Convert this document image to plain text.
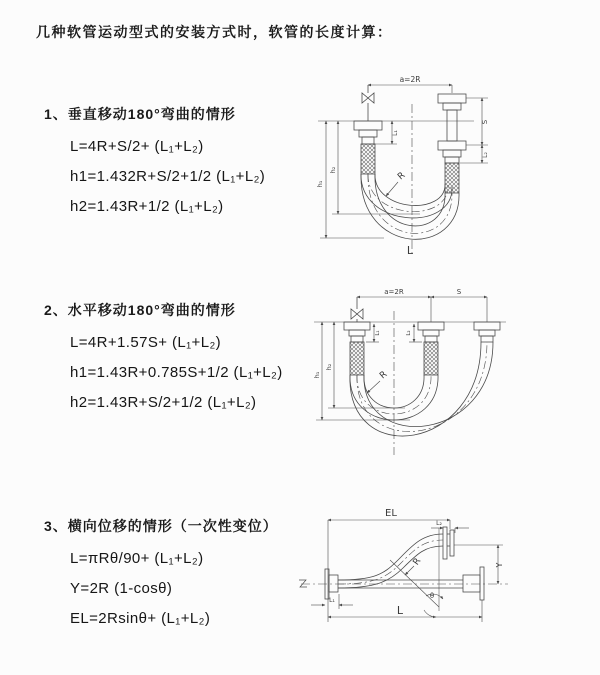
几种软管运动型式的安装方式时，软管的长度计算：
1、垂直移动180°弯曲的情形
L=4R+S/2+ (L₁+L₂)
h1=1.432R+S/2+1/2 (L₁+L₂)
h2=1.43R+1/2 (L₁+L₂)
2、水平移动180°弯曲的情形
L=4R+1.57S+ (L₁+L₂)
h1=1.43R+0.785S+1/2 (L₁+L₂)
h2=1.43R+S/2+1/2 (L₁+L₂)
3、横向位移的情形（一次性变位）
L=πRθ/90+ (L₁+L₂)
Y=2R (1-cosθ)
EL=2Rsinθ+ (L₁+L₂)
a=2R
h₁
h₂
L₁
S
L₂
R
L
a=2R	S
h₁
h₂
L₁	L₂
R
EL
L₂
Y
θ
R
L
L₁
